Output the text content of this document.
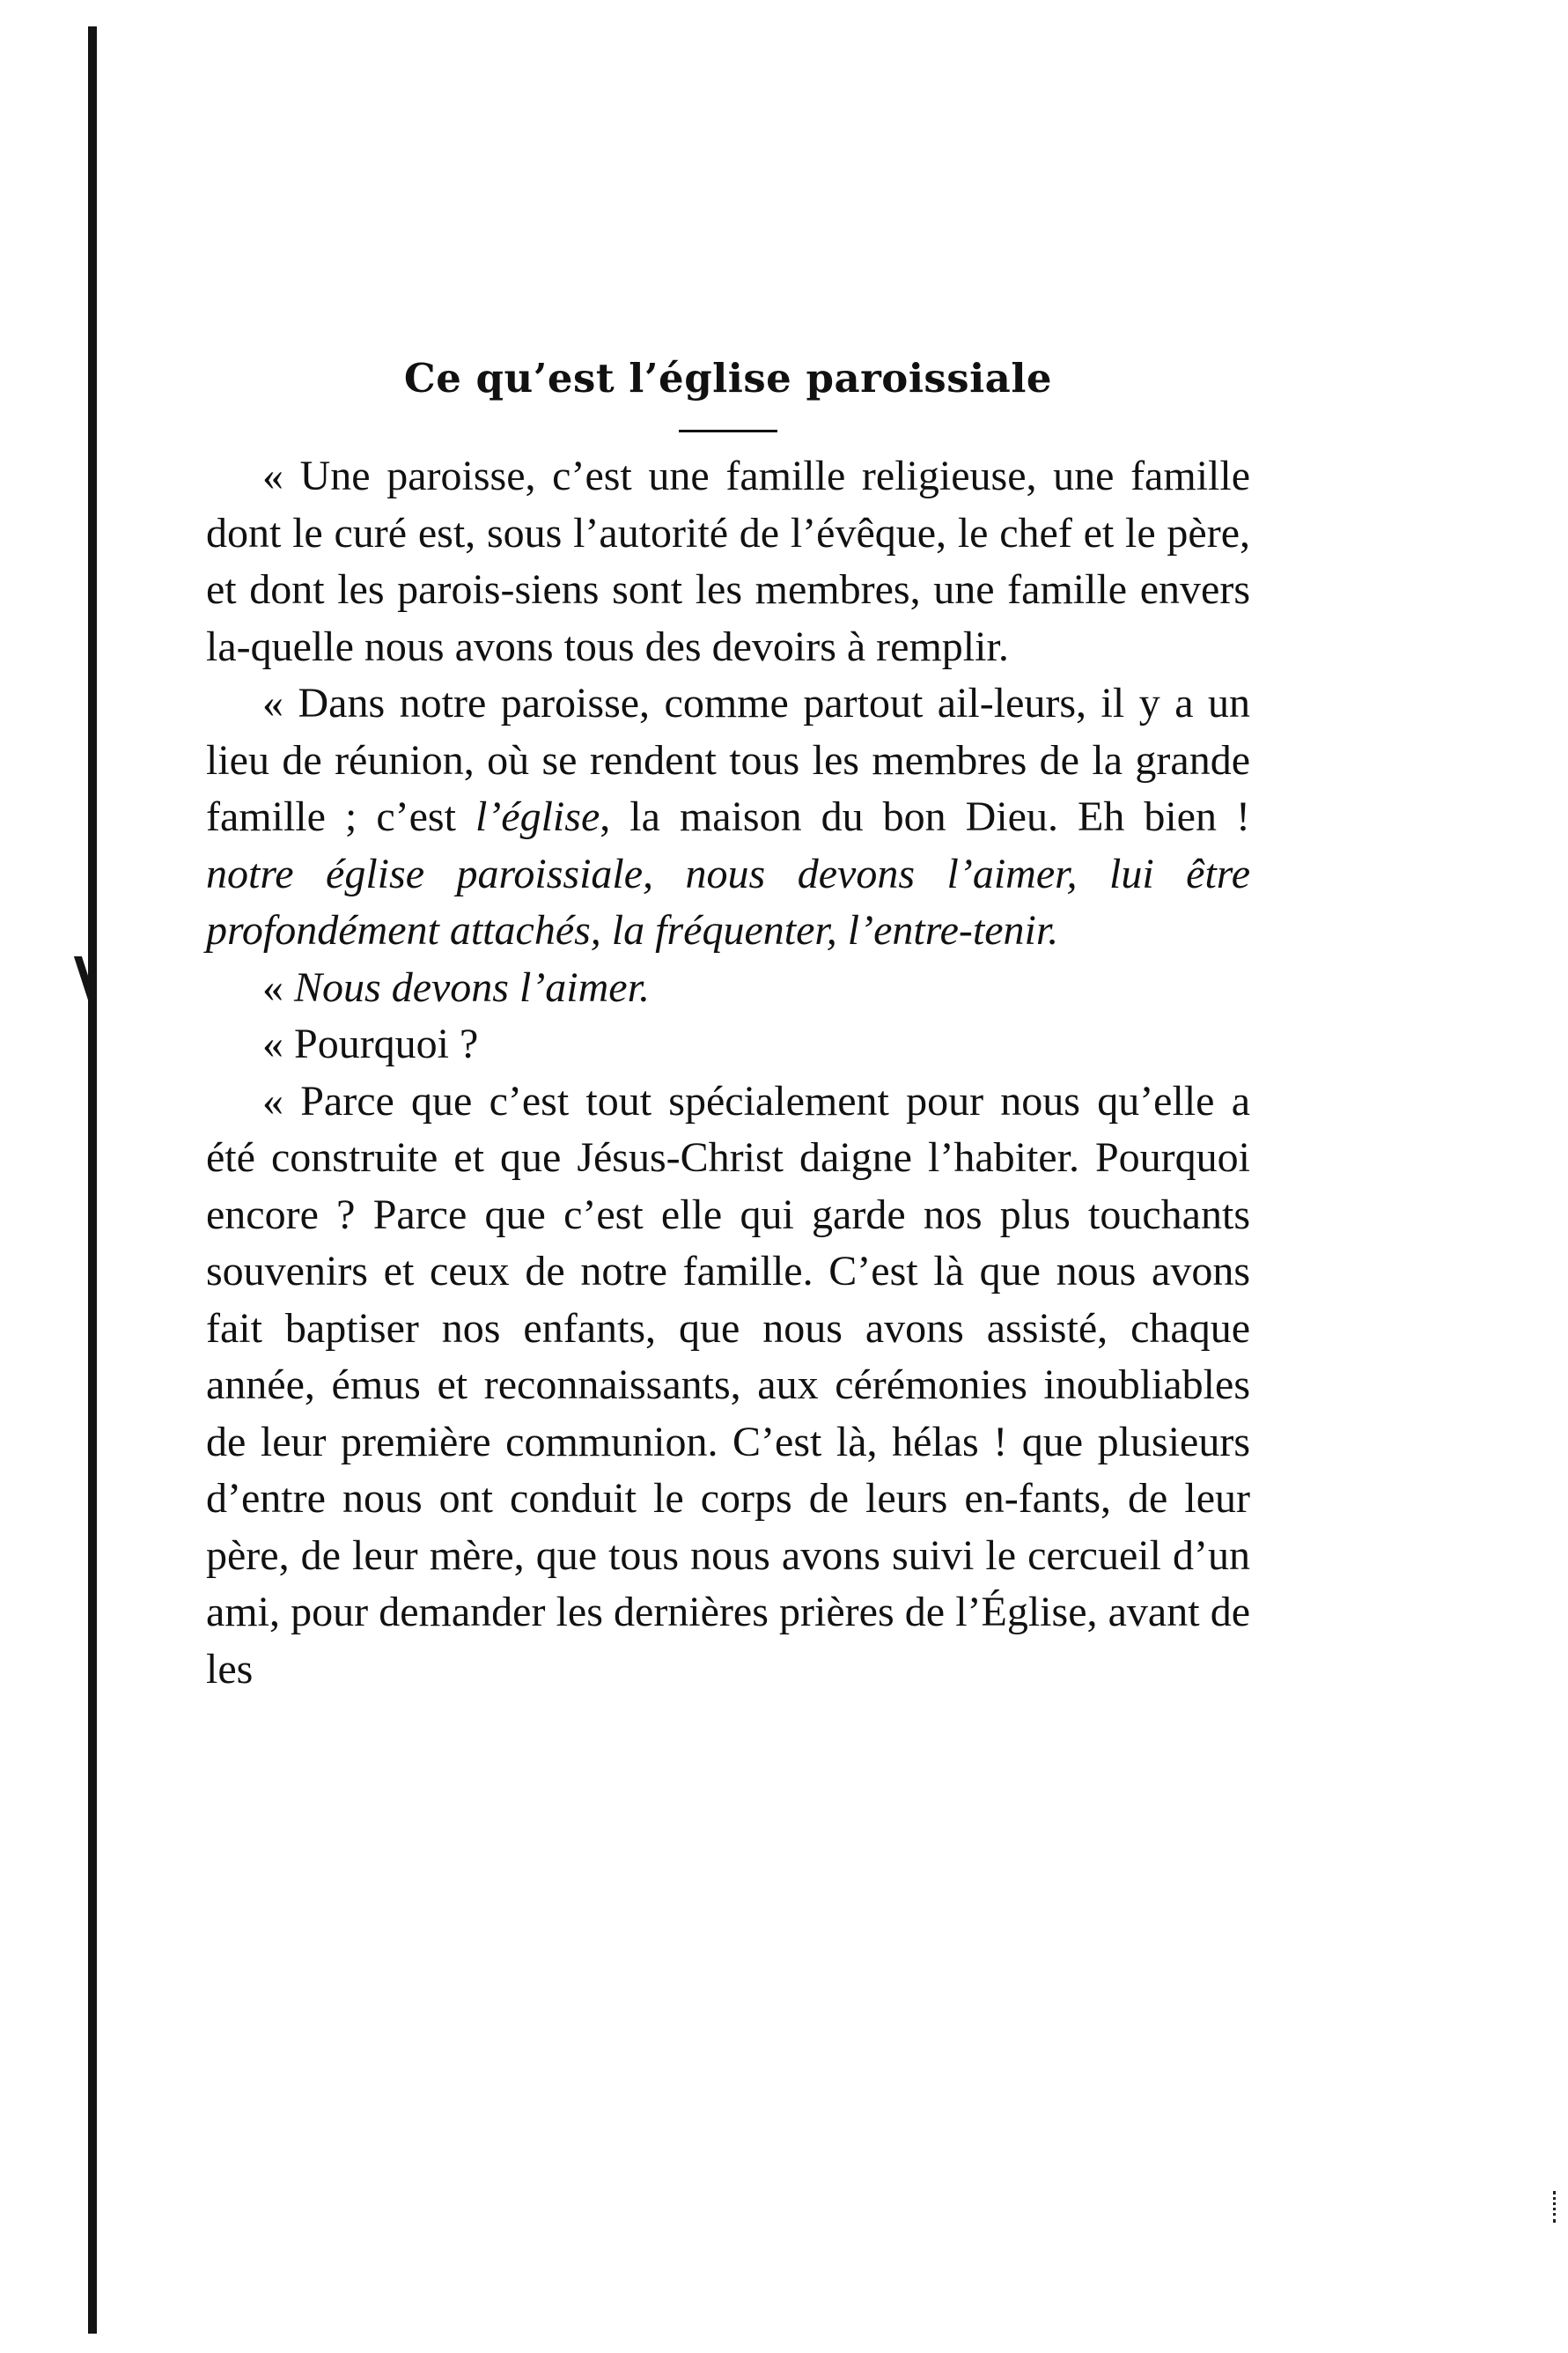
Ce qu’est l’église paroissiale

« Une paroisse, c’est une famille religieuse, une famille dont le curé est, sous l’autorité de l’évêque, le chef et le père, et dont les parois-siens sont les membres, une famille envers la-quelle nous avons tous des devoirs à remplir.

« Dans notre paroisse, comme partout ail-leurs, il y a un lieu de réunion, où se rendent tous les membres de la grande famille ; c’est l’église, la maison du bon Dieu. Eh bien ! notre église paroissiale, nous devons l’aimer, lui être profondément attachés, la fréquenter, l’entre-tenir.

« Nous devons l’aimer.

« Pourquoi ?

« Parce que c’est tout spécialement pour nous qu’elle a été construite et que Jésus-Christ daigne l’habiter. Pourquoi encore ? Parce que c’est elle qui garde nos plus touchants souvenirs et ceux de notre famille. C’est là que nous avons fait baptiser nos enfants, que nous avons assisté, chaque année, émus et reconnaissants, aux cérémonies inoubliables de leur première communion. C’est là, hélas ! que plusieurs d’entre nous ont conduit le corps de leurs en-fants, de leur père, de leur mère, que tous nous avons suivi le cercueil d’un ami, pour demander les dernières prières de l’Église, avant de les
